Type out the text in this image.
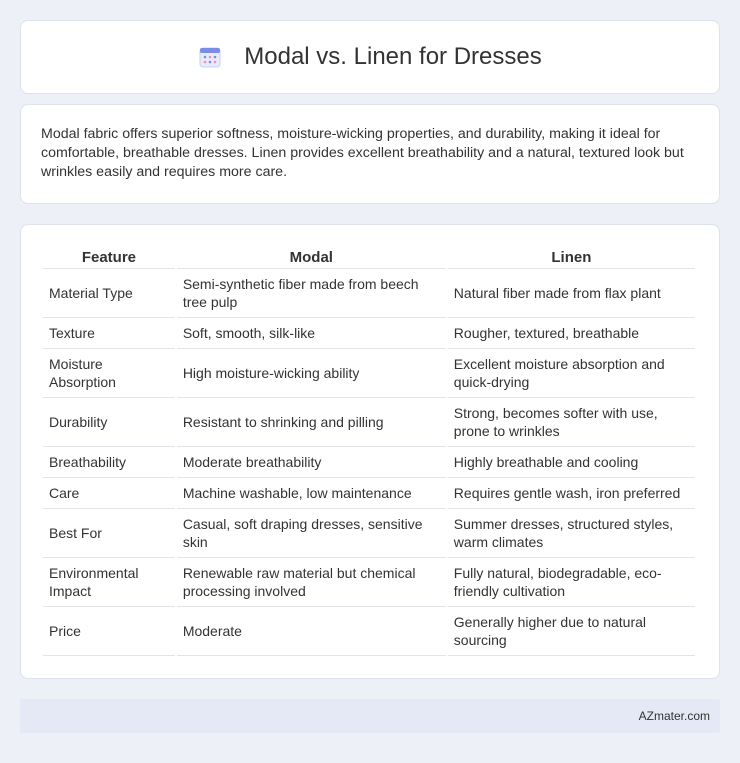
Modal vs. Linen for Dresses

Modal fabric offers superior softness, moisture-wicking properties, and durability, making it ideal for comfortable, breathable dresses. Linen provides excellent breathability and a natural, textured look but wrinkles easily and requires more care.

Feature	Modal	Linen
Material Type	Semi-synthetic fiber made from beech tree pulp	Natural fiber made from flax plant
Texture	Soft, smooth, silk-like	Rougher, textured, breathable
Moisture Absorption	High moisture-wicking ability	Excellent moisture absorption and quick-drying
Durability	Resistant to shrinking and pilling	Strong, becomes softer with use, prone to wrinkles
Breathability	Moderate breathability	Highly breathable and cooling
Care	Machine washable, low maintenance	Requires gentle wash, iron preferred
Best For	Casual, soft draping dresses, sensitive skin	Summer dresses, structured styles, warm climates
Environmental Impact	Renewable raw material but chemical processing involved	Fully natural, biodegradable, eco-friendly cultivation
Price	Moderate	Generally higher due to natural sourcing
AZmater.com
